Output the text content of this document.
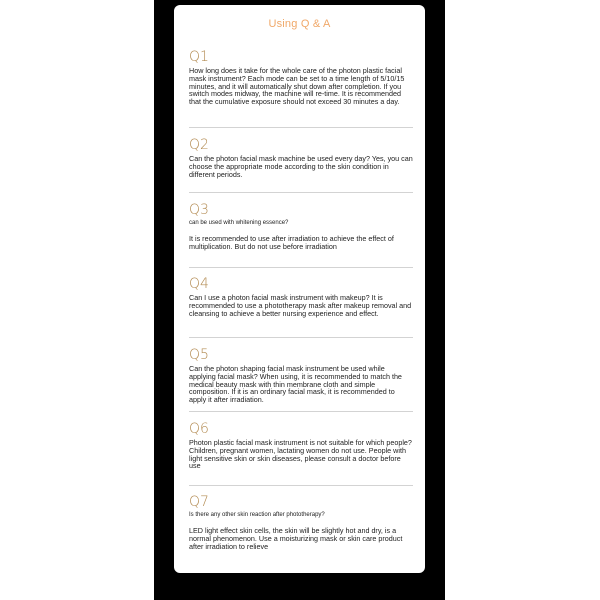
Using Q & A
Q1

How long does it take for the whole care of the photon plastic facial mask instrument? Each mode can be set to a time length of 5/10/15 minutes, and it will automatically shut down after completion. If you switch modes midway, the machine will re-time. It is recommended that the cumulative exposure should not exceed 30 minutes a day.

Q2

Can the photon facial mask machine be used every day? Yes, you can choose the appropriate mode according to the skin condition in different periods.

Q3

can be used with whitening essence?

It is recommended to use after irradiation to achieve the effect of multiplication. But do not use before irradiation

Q4

Can I use a photon facial mask instrument with makeup? It is recommended to use a phototherapy mask after makeup removal and cleansing to achieve a better nursing experience and effect.

Q5

Can the photon shaping facial mask instrument be used while applying facial mask? When using, it is recommended to match the medical beauty mask with thin membrane cloth and simple composition. If it is an ordinary facial mask, it is recommended to apply it after irradiation.

Q6

Photon plastic facial mask instrument is not suitable for which people? Children, pregnant women, lactating women do not use. People with light sensitive skin or skin diseases, please consult a doctor before use

Q7

Is there any other skin reaction after phototherapy?

LED light effect skin cells, the skin will be slightly hot and dry, is a normal phenomenon. Use a moisturizing mask or skin care product after irradiation to relieve
